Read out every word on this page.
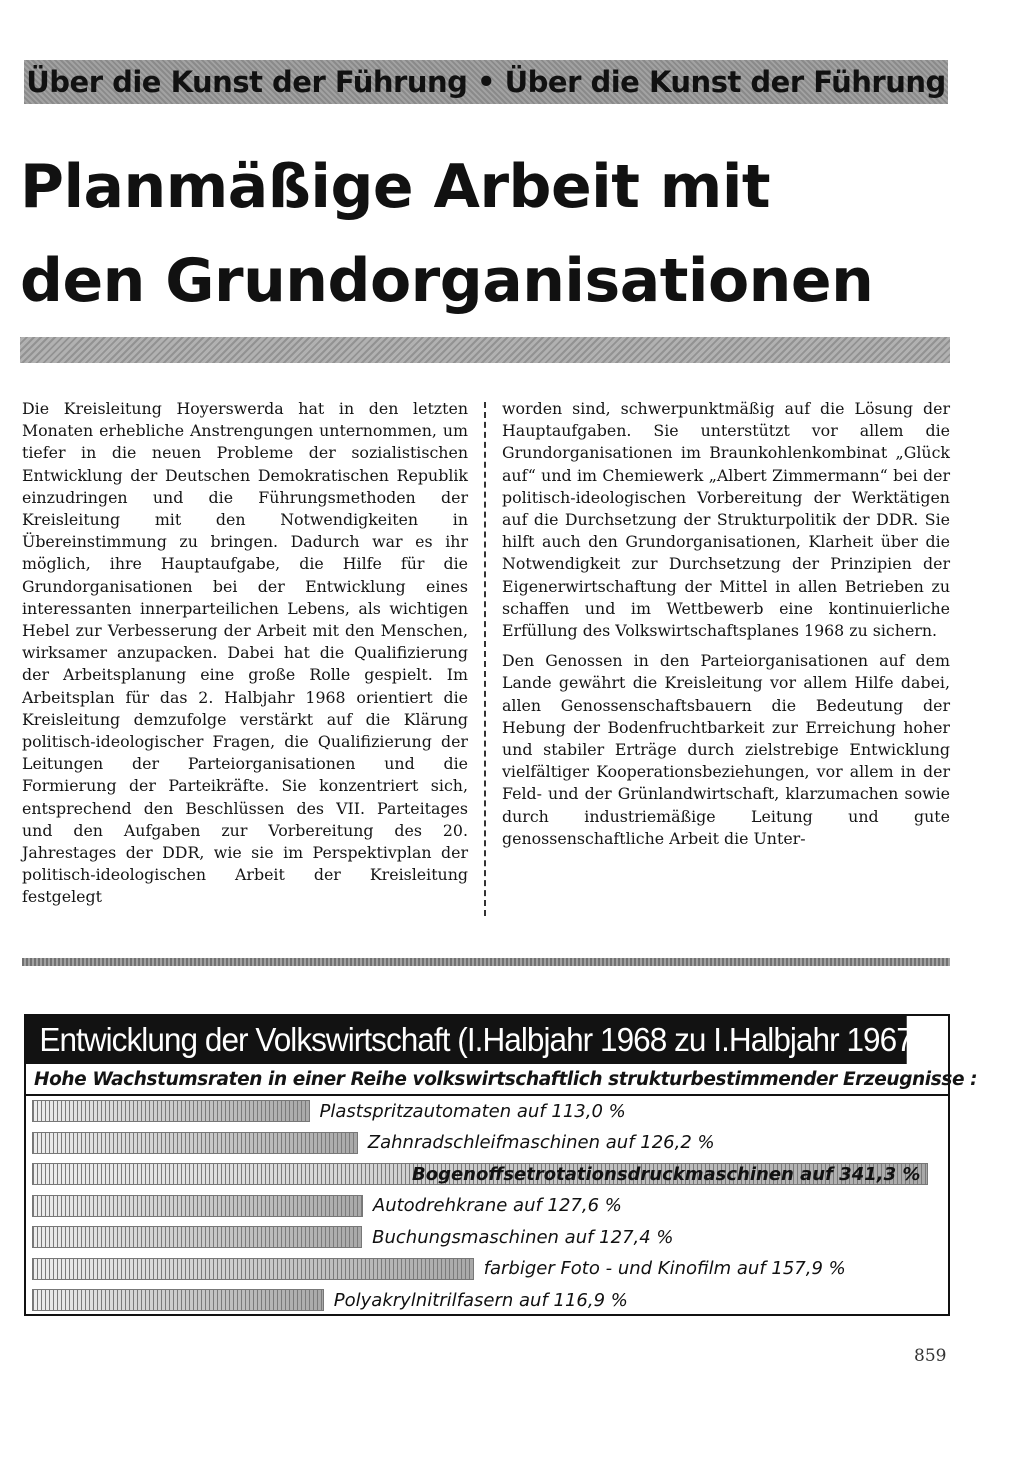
Über die Kunst der Führung • Über die Kunst der Führung
Planmäßige Arbeit mit
den Grundorganisationen

Die Kreisleitung Hoyerswerda hat in den letzten Monaten erhebliche Anstrengungen unternommen, um tiefer in die neuen Probleme der sozialistischen Entwicklung der Deutschen Demokratischen Republik einzudringen und die Führungsmethoden der Kreisleitung mit den Notwendigkeiten in Übereinstimmung zu bringen. Dadurch war es ihr möglich, ihre Hauptaufgabe, die Hilfe für die Grundorganisationen bei der Entwicklung eines interessanten innerparteilichen Lebens, als wichtigen Hebel zur Verbesserung der Arbeit mit den Menschen, wirksamer anzupacken. Dabei hat die Qualifizierung der Arbeitsplanung eine große Rolle gespielt. Im Arbeitsplan für das 2. Halbjahr 1968 orientiert die Kreisleitung demzufolge verstärkt auf die Klärung politisch-ideologischer Fragen, die Qualifizierung der Leitungen der Parteiorganisationen und die Formierung der Parteikräfte. Sie konzentriert sich, entsprechend den Beschlüssen des VII. Parteitages und den Aufgaben zur Vorbereitung des 20. Jahrestages der DDR, wie sie im Perspektivplan der politisch-ideologischen Arbeit der Kreisleitung festgelegt

worden sind, schwerpunktmäßig auf die Lösung der Hauptaufgaben. Sie unterstützt vor allem die Grundorganisationen im Braunkohlenkombinat „Glück auf“ und im Chemiewerk „Albert Zimmermann“ bei der politisch-ideologischen Vorbereitung der Werktätigen auf die Durchsetzung der Strukturpolitik der DDR. Sie hilft auch den Grundorganisationen, Klarheit über die Notwendigkeit zur Durchsetzung der Prinzipien der Eigenerwirtschaftung der Mittel in allen Betrieben zu schaffen und im Wettbewerb eine kontinuierliche Erfüllung des Volkswirtschaftsplanes 1968 zu sichern.

Den Genossen in den Parteiorganisationen auf dem Lande gewährt die Kreisleitung vor allem Hilfe dabei, allen Genossenschaftsbauern die Bedeutung der Hebung der Bodenfruchtbarkeit zur Erreichung hoher und stabiler Erträge durch zielstrebige Entwicklung vielfältiger Kooperationsbeziehungen, vor allem in der Feld- und der Grünlandwirtschaft, klarzumachen sowie durch industriemäßige Leitung und gute genossenschaftliche Arbeit die Unter-

Entwicklung der Volkswirtschaft (I.Halbjahr 1968 zu I.Halbjahr 1967)
Hohe Wachstumsraten in einer Reihe volkswirtschaftlich strukturbestimmender Erzeugnisse :
Plastspritzautomaten auf 113,0 %
Zahnradschleifmaschinen auf 126,2 %
Bogenoffsetrotationsdruckmaschinen auf 341,3 %
Autodrehkrane auf 127,6 %
Buchungsmaschinen auf 127,4 %
farbiger Foto - und Kinofilm auf 157,9 %
Polyakrylnitrilfasern auf 116,9 %
859
